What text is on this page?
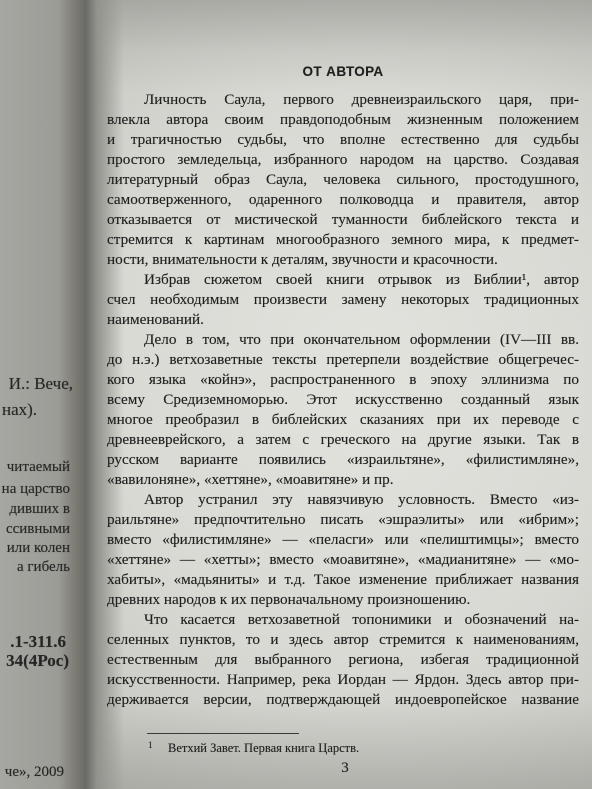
И.: Вече,
нах).
читаемый
на царство
дивших в
ссивными
или колен
а гибель
.1-311.6
34(4Рос)
че», 2009
ОТ АВТОРА
Личность Саула, первого древнеизраильского царя, при-
влекла автора своим правдоподобным жизненным положением
и трагичностью судьбы, что вполне естественно для судьбы
простого земледельца, избранного народом на царство. Создавая
литературный образ Саула, человека сильного, простодушного,
самоотверженного, одаренного полководца и правителя, автор
отказывается от мистической туманности библейского текста и
стремится к картинам многообразного земного мира, к предмет-
ности, внимательности к деталям, звучности и красочности.
Избрав сюжетом своей книги отрывок из Библии¹, автор
счел необходимым произвести замену некоторых традиционных
наименований.
Дело в том, что при окончательном оформлении (IV—III вв.
до н.э.) ветхозаветные тексты претерпели воздействие общегречес-
кого языка «койнэ», распространенного в эпоху эллинизма по
всему Средиземноморью. Этот искусственно созданный язык
многое преобразил в библейских сказаниях при их переводе с
древнееврейского, а затем с греческого на другие языки. Так в
русском варианте появились «израильтяне», «филистимляне»,
«вавилоняне», «хеттяне», «моавитяне» и пр.
Автор устранил эту навязчивую условность. Вместо «из-
раильтяне» предпочтительно писать «эшраэлиты» или «ибрим»;
вместо «филистимляне» — «пеласги» или «пелиштимцы»; вместо
«хеттяне» — «хетты»; вместо «моавитяне», «мадианитяне» — «мо-
хабиты», «мадьяниты» и т.д. Такое изменение приближает названия
древних народов к их первоначальному произношению.
Что касается ветхозаветной топонимики и обозначений на-
селенных пунктов, то и здесь автор стремится к наименованиям,
естественным для выбранного региона, избегая традиционной
искусственности. Например, река Иордан — Ярдон. Здесь автор при-
держивается версии, подтверждающей индоевропейское название
1 Ветхий Завет. Первая книга Царств.
3
